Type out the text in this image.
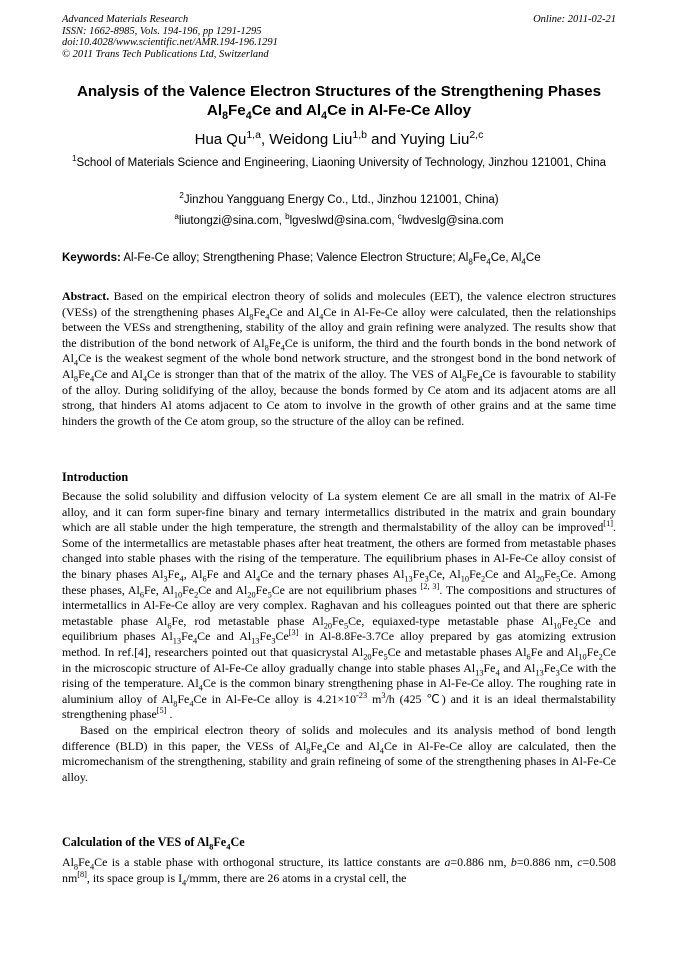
Advanced Materials Research
ISSN: 1662-8985, Vols. 194-196, pp 1291-1295
doi:10.4028/www.scientific.net/AMR.194-196.1291
© 2011 Trans Tech Publications Ltd, Switzerland
Online: 2011-02-21
Analysis of the Valence Electron Structures of the Strengthening Phases
$Al_8Fe_4Ce$ and $Al_4Ce$ in Al-Fe-Ce Alloy
Hua Qu$^{1,a}$, Weidong Liu$^{1,b}$ and Yuying Liu$^{2,c}$
$^1$School of Materials Science and Engineering, Liaoning University of Technology, Jinzhou 121001, China
$^2$Jinzhou Yangguang Energy Co., Ltd., Jinzhou 121001, China)
$^a$liutongzi@sina.com, $^b$lgveslwd@sina.com, $^c$lwdveslg@sina.com
Keywords: Al-Fe-Ce alloy; Strengthening Phase; Valence Electron Structure; $Al_8Fe_4Ce$, $Al_4Ce$

Abstract. Based on the empirical electron theory of solids and molecules (EET), the valence electron structures (VESs) of the strengthening phases $Al_8Fe_4Ce$ and $Al_4Ce$ in Al-Fe-Ce alloy were calculated, then the relationships between the VESs and strengthening, stability of the alloy and grain refining were analyzed. The results show that the distribution of the bond network of $Al_8Fe_4Ce$ is uniform, the third and the fourth bonds in the bond network of $Al_4Ce$ is the weakest segment of the whole bond network structure, and the strongest bond in the bond network of $Al_8Fe_4Ce$ and $Al_4Ce$ is stronger than that of the matrix of the alloy. The VES of $Al_8Fe_4Ce$ is favourable to stability of the alloy. During solidifying of the alloy, because the bonds formed by Ce atom and its adjacent atoms are all strong, that hinders Al atoms adjacent to Ce atom to involve in the growth of other grains and at the same time hinders the growth of the Ce atom group, so the structure of the alloy can be refined.

Introduction

Because the solid solubility and diffusion velocity of La system element Ce are all small in the matrix of Al-Fe alloy, and it can form super-fine binary and ternary intermetallics distributed in the matrix and grain boundary which are all stable under the high temperature, the strength and thermalstability of the alloy can be improved[1]. Some of the intermetallics are metastable phases after heat treatment, the others are formed from metastable phases changed into stable phases with the rising of the temperature. The equilibrium phases in Al-Fe-Ce alloy consist of the binary phases $Al_3Fe_4$, $Al_6Fe$ and $Al_4Ce$ and the ternary phases $Al_{13}Fe_3Ce$, $Al_{10}Fe_2Ce$ and $Al_{20}Fe_5Ce$. Among these phases, $Al_6Fe$, $Al_{10}Fe_2Ce$ and $Al_{20}Fe_5Ce$ are not equilibrium phases [2, 3]. The compositions and structures of intermetallics in Al-Fe-Ce alloy are very complex. Raghavan and his colleagues pointed out that there are spheric metastable phase $Al_6Fe$, rod metastable phase $Al_{20}Fe_5Ce$, equiaxed-type metastable phase $Al_{10}Fe_2Ce$ and equilibrium phases $Al_{13}Fe_4Ce$ and $Al_{13}Fe_3Ce[3]$ in Al-8.8Fe-3.7Ce alloy prepared by gas atomizing extrusion method. In ref.[4], researchers pointed out that quasicrystal $Al_{20}Fe_5Ce$ and metastable phases $Al_6Fe$ and $Al_{10}Fe_2Ce$ in the microscopic structure of Al-Fe-Ce alloy gradually change into stable phases $Al_{13}Fe_4$ and $Al_{13}Fe_3Ce$ with the rising of the temperature. $Al_4Ce$ is the common binary strengthening phase in Al-Fe-Ce alloy. The roughing rate in aluminium alloy of $Al_8Fe_4Ce$ in Al-Fe-Ce alloy is $4.21\times 10^{-23}$ $m^3/h$ (425 ℃) and it is an ideal thermalstability strengthening phase[5] .

Based on the empirical electron theory of solids and molecules and its analysis method of bond length difference (BLD) in this paper, the VESs of $Al_8Fe_4Ce$ and $Al_4Ce$ in Al-Fe-Ce alloy are calculated, then the micromechanism of the strengthening, stability and grain refineing of some of the strengthening phases in Al-Fe-Ce alloy.

Calculation of the VES of $Al_8Fe_4Ce$

$Al_8Fe_4Ce$ is a stable phase with orthogonal structure, its lattice constants are a=0.886 nm, b=0.886 nm, c=0.508 nm[8], its space group is $I_4$/mmm, there are 26 atoms in a crystal cell, the
